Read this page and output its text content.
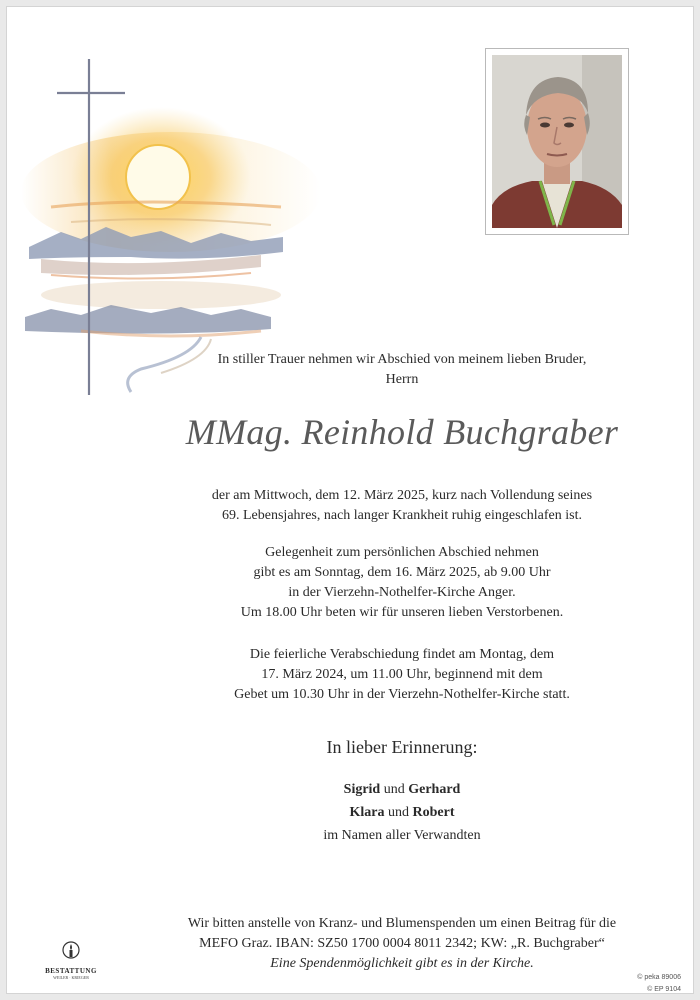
In stiller Trauer nehmen wir Abschied von meinem lieben Bruder,
Herrn
MMag. Reinhold Buchgraber
der am Mittwoch, dem 12. März 2025, kurz nach Vollendung seines
69. Lebensjahres, nach langer Krankheit ruhig eingeschlafen ist.
Gelegenheit zum persönlichen Abschied nehmen
gibt es am Sonntag, dem 16. März 2025, ab 9.00 Uhr
in der Vierzehn-Nothelfer-Kirche Anger.
Um 18.00 Uhr beten wir für unseren lieben Verstorbenen.
Die feierliche Verabschiedung findet am Montag, dem
17. März 2024, um 11.00 Uhr, beginnend mit dem
Gebet um 10.30 Uhr in der Vierzehn-Nothelfer-Kirche statt.
In lieber Erinnerung:
Sigrid und Gerhard
Klara und Robert
im Namen aller Verwandten
Wir bitten anstelle von Kranz- und Blumenspenden um einen Beitrag für die
MEFO Graz. IBAN: SZ50 1700 0004 8011 2342; KW: „R. Buchgraber“
Eine Spendenmöglichkeit gibt es in der Kirche.
BESTATTUNG
WEILER · KRIEGER	© peka 89006
© EP 9104
